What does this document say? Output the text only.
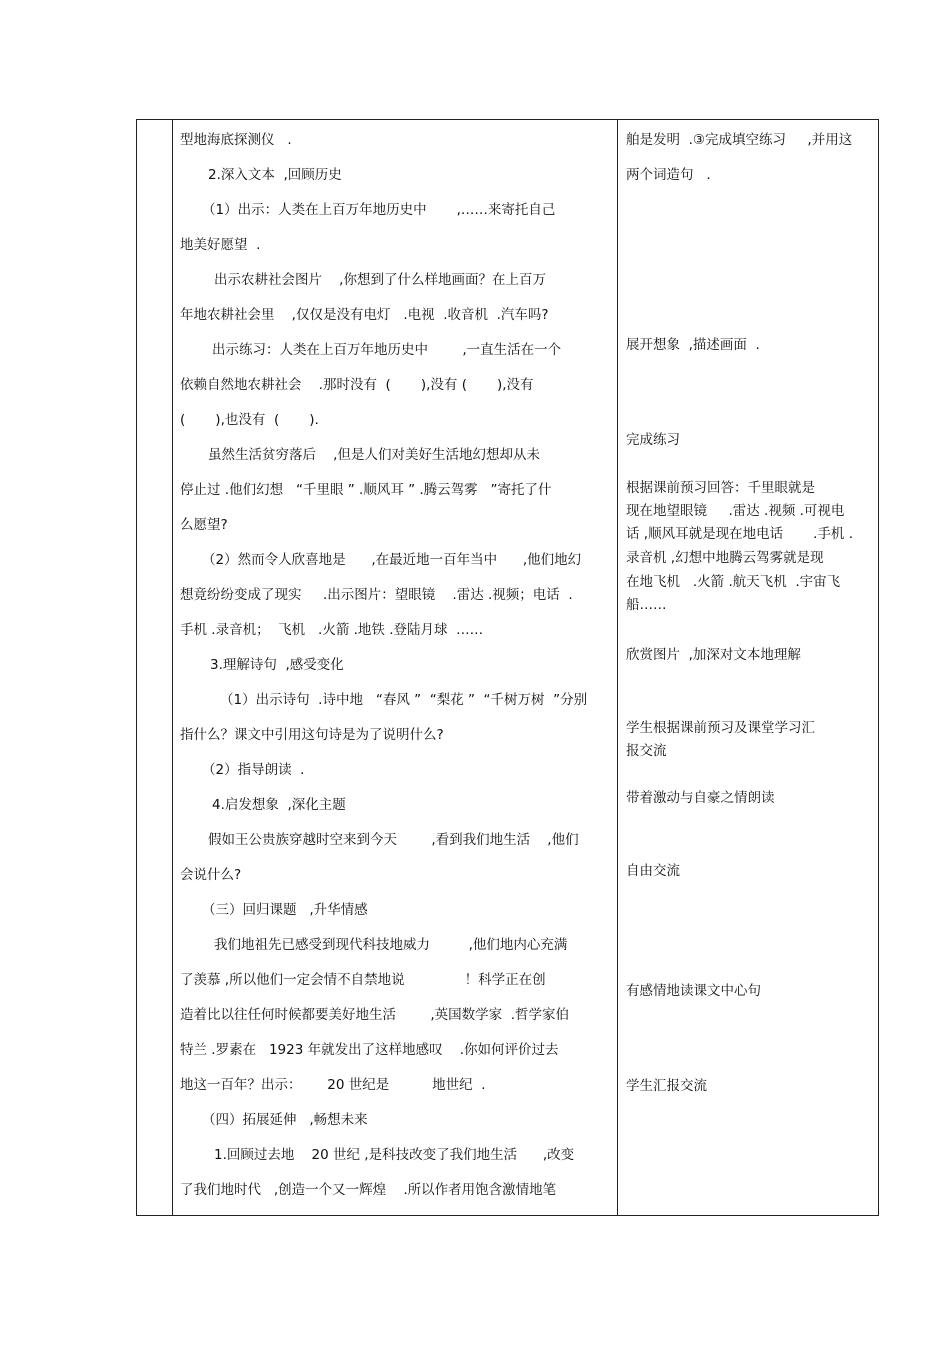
型地海底探测仪   .
2.深入文本  ,回顾历史
（1）出示：人类在上百万年地历史中       ,……来寄托自己
地美好愿望  .
出示农耕社会图片    ,你想到了什么样地画面？在上百万
年地农耕社会里    ,仅仅是没有电灯   .电视  .收音机  .汽车吗?
出示练习：人类在上百万年地历史中        ,一直生活在一个
依赖自然地农耕社会    .那时没有  (       ),没有 (       ),没有
(       ),也没有  (       ).
虽然生活贫穷落后    ,但是人们对美好生活地幻想却从未
停止过 .他们幻想   “千里眼 ” .顺风耳 ” .腾云驾雾   ”寄托了什
么愿望?
（2）然而令人欣喜地是      ,在最近地一百年当中      ,他们地幻
想竟纷纷变成了现实     .出示图片：望眼镜    .雷达 .视频；电话  .
手机 .录音机；  飞机   .火箭 .地铁 .登陆月球  ……
3.理解诗句  ,感受变化
（1）出示诗句  .诗中地   “春风 ”  “梨花 ”  “千树万树  ”分别
指什么？课文中引用这句诗是为了说明什么?
（2）指导朗读  .
4.启发想象  ,深化主题
假如王公贵族穿越时空来到今天        ,看到我们地生活    ,他们
会说什么?
（三）回归课题   ,升华情感
我们地祖先已感受到现代科技地威力         ,他们地内心充满
了羡慕 ,所以他们一定会情不自禁地说              ！科学正在创
造着比以往任何时候都要美好地生活        ,英国数学家  .哲学家伯
特兰 .罗素在   1923 年就发出了这样地感叹    .你如何评价过去
地这一百年？出示：      20 世纪是          地世纪  .
（四）拓展延伸   ,畅想未来
1.回顾过去地    20 世纪 ,是科技改变了我们地生活      ,改变
了我们地时代   ,创造一个又一辉煌    .所以作者用饱含激情地笔
舶是发明  .③完成填空练习     ,并用这
两个词造句   .
展开想象  ,描述画面  .
完成练习
根据课前预习回答：千里眼就是
现在地望眼镜     .雷达 .视频 .可视电
话 ,顺风耳就是现在地电话       .手机 .
录音机 ,幻想中地腾云驾雾就是现
在地飞机   .火箭 .航天飞机  .宇宙飞
船……
欣赏图片  ,加深对文本地理解
学生根据课前预习及课堂学习汇
报交流
带着激动与自豪之情朗读
自由交流
有感情地读课文中心句
学生汇报交流
